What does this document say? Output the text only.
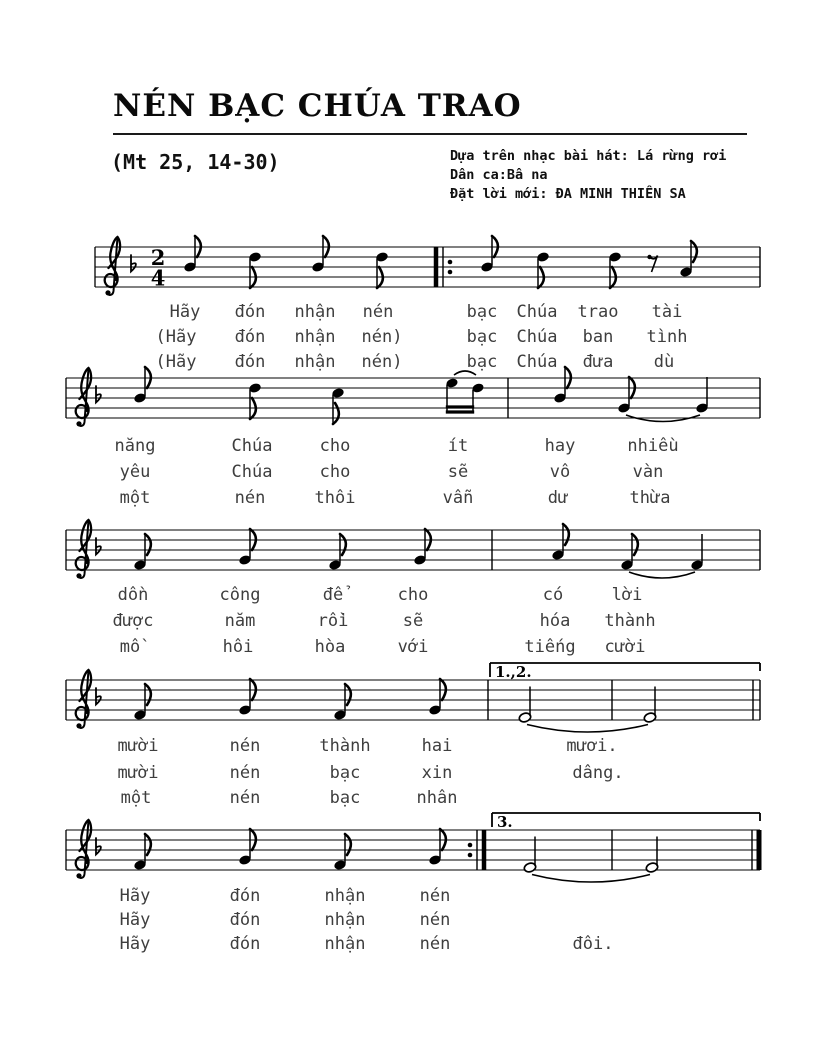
NÉN BẠC CHÚA TRAO
(Mt 25, 14-30)	Dựa trên nhạc bài hát: Lá rừng rơi
Dân ca:Bâ na
Đặt lời mới: ĐA MINH THIÊN SA
2
4
1.,2.
3.
Hãy đón nhận nén	bạc Chúa trao tài
(Hãy đón nhận nén)	bạc Chúa ban tình
(Hãy đón nhận nén)	bạc Chúa đưa dù
năng	Chúa	cho	ít	hay	nhiều
yêu	Chúa	cho	sẽ	vô	vàn
một	nén	thôi	vẫn	dư	thừa
dồn	công	để	cho	có	lời
được	năm	rồi	sẽ	hóa thành
mồ	hôi	hòa	với	tiếng cười
mười	nén	thành	hai	mươi.
mười	nén	bạc	xin	dâng.
một	nén	bạc	nhân
Hãy	đón	nhận	nén
Hãy	đón	nhận	nén
Hãy	đón	nhận	nén	đôi.
